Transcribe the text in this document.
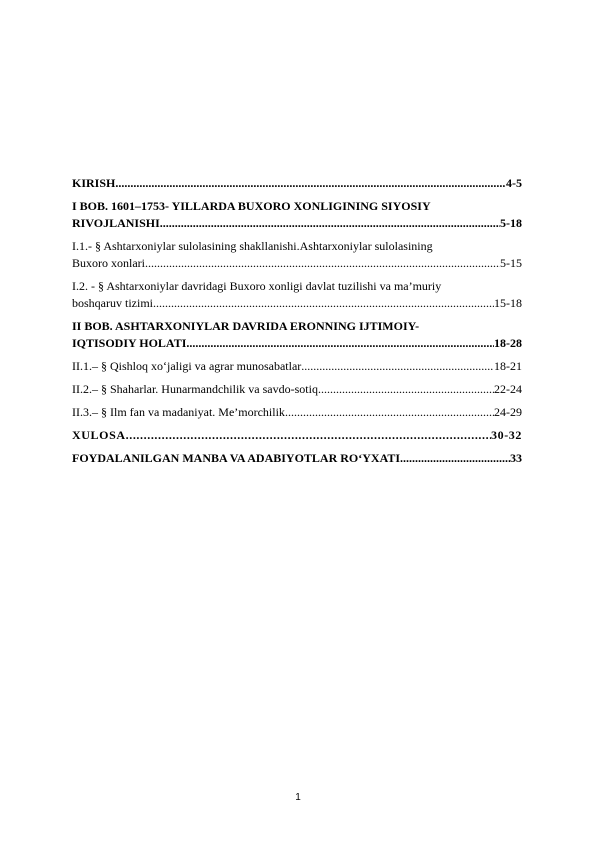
KIRISH .....	4-5
I BOB. 1601–1753- YILLARDA BUXORO XONLIGINING SIYOSIY
RIVOJLANISHI .....	5-18
I.1.- § Ashtarxoniylar sulolasining shakllanishi.Ashtarxoniylar sulolasining
Buxoro xonlari .....	5-15
I.2. - § Ashtarxoniylar davridagi Buxoro xonligi davlat tuzilishi va ma’muriy
boshqaruv tizimi .....	15-18
II BOB. ASHTARXONIYLAR DAVRIDA ERONNING IJTIMOIY-
IQTISODIY HOLATI .....	18-28
II.1.– § Qishloq xo‘jaligi va agrar munosabatlar .....	18-21
II.2.– § Shaharlar. Hunarmandchilik va savdo-sotiq .....	22-24
II.3.– § Ilm fan va madaniyat. Me’morchilik .....	24-29
XULOSA .....	30-32
FOYDALANILGAN MANBA VA ADABIYOTLAR RO‘YXATI .....	33
1
